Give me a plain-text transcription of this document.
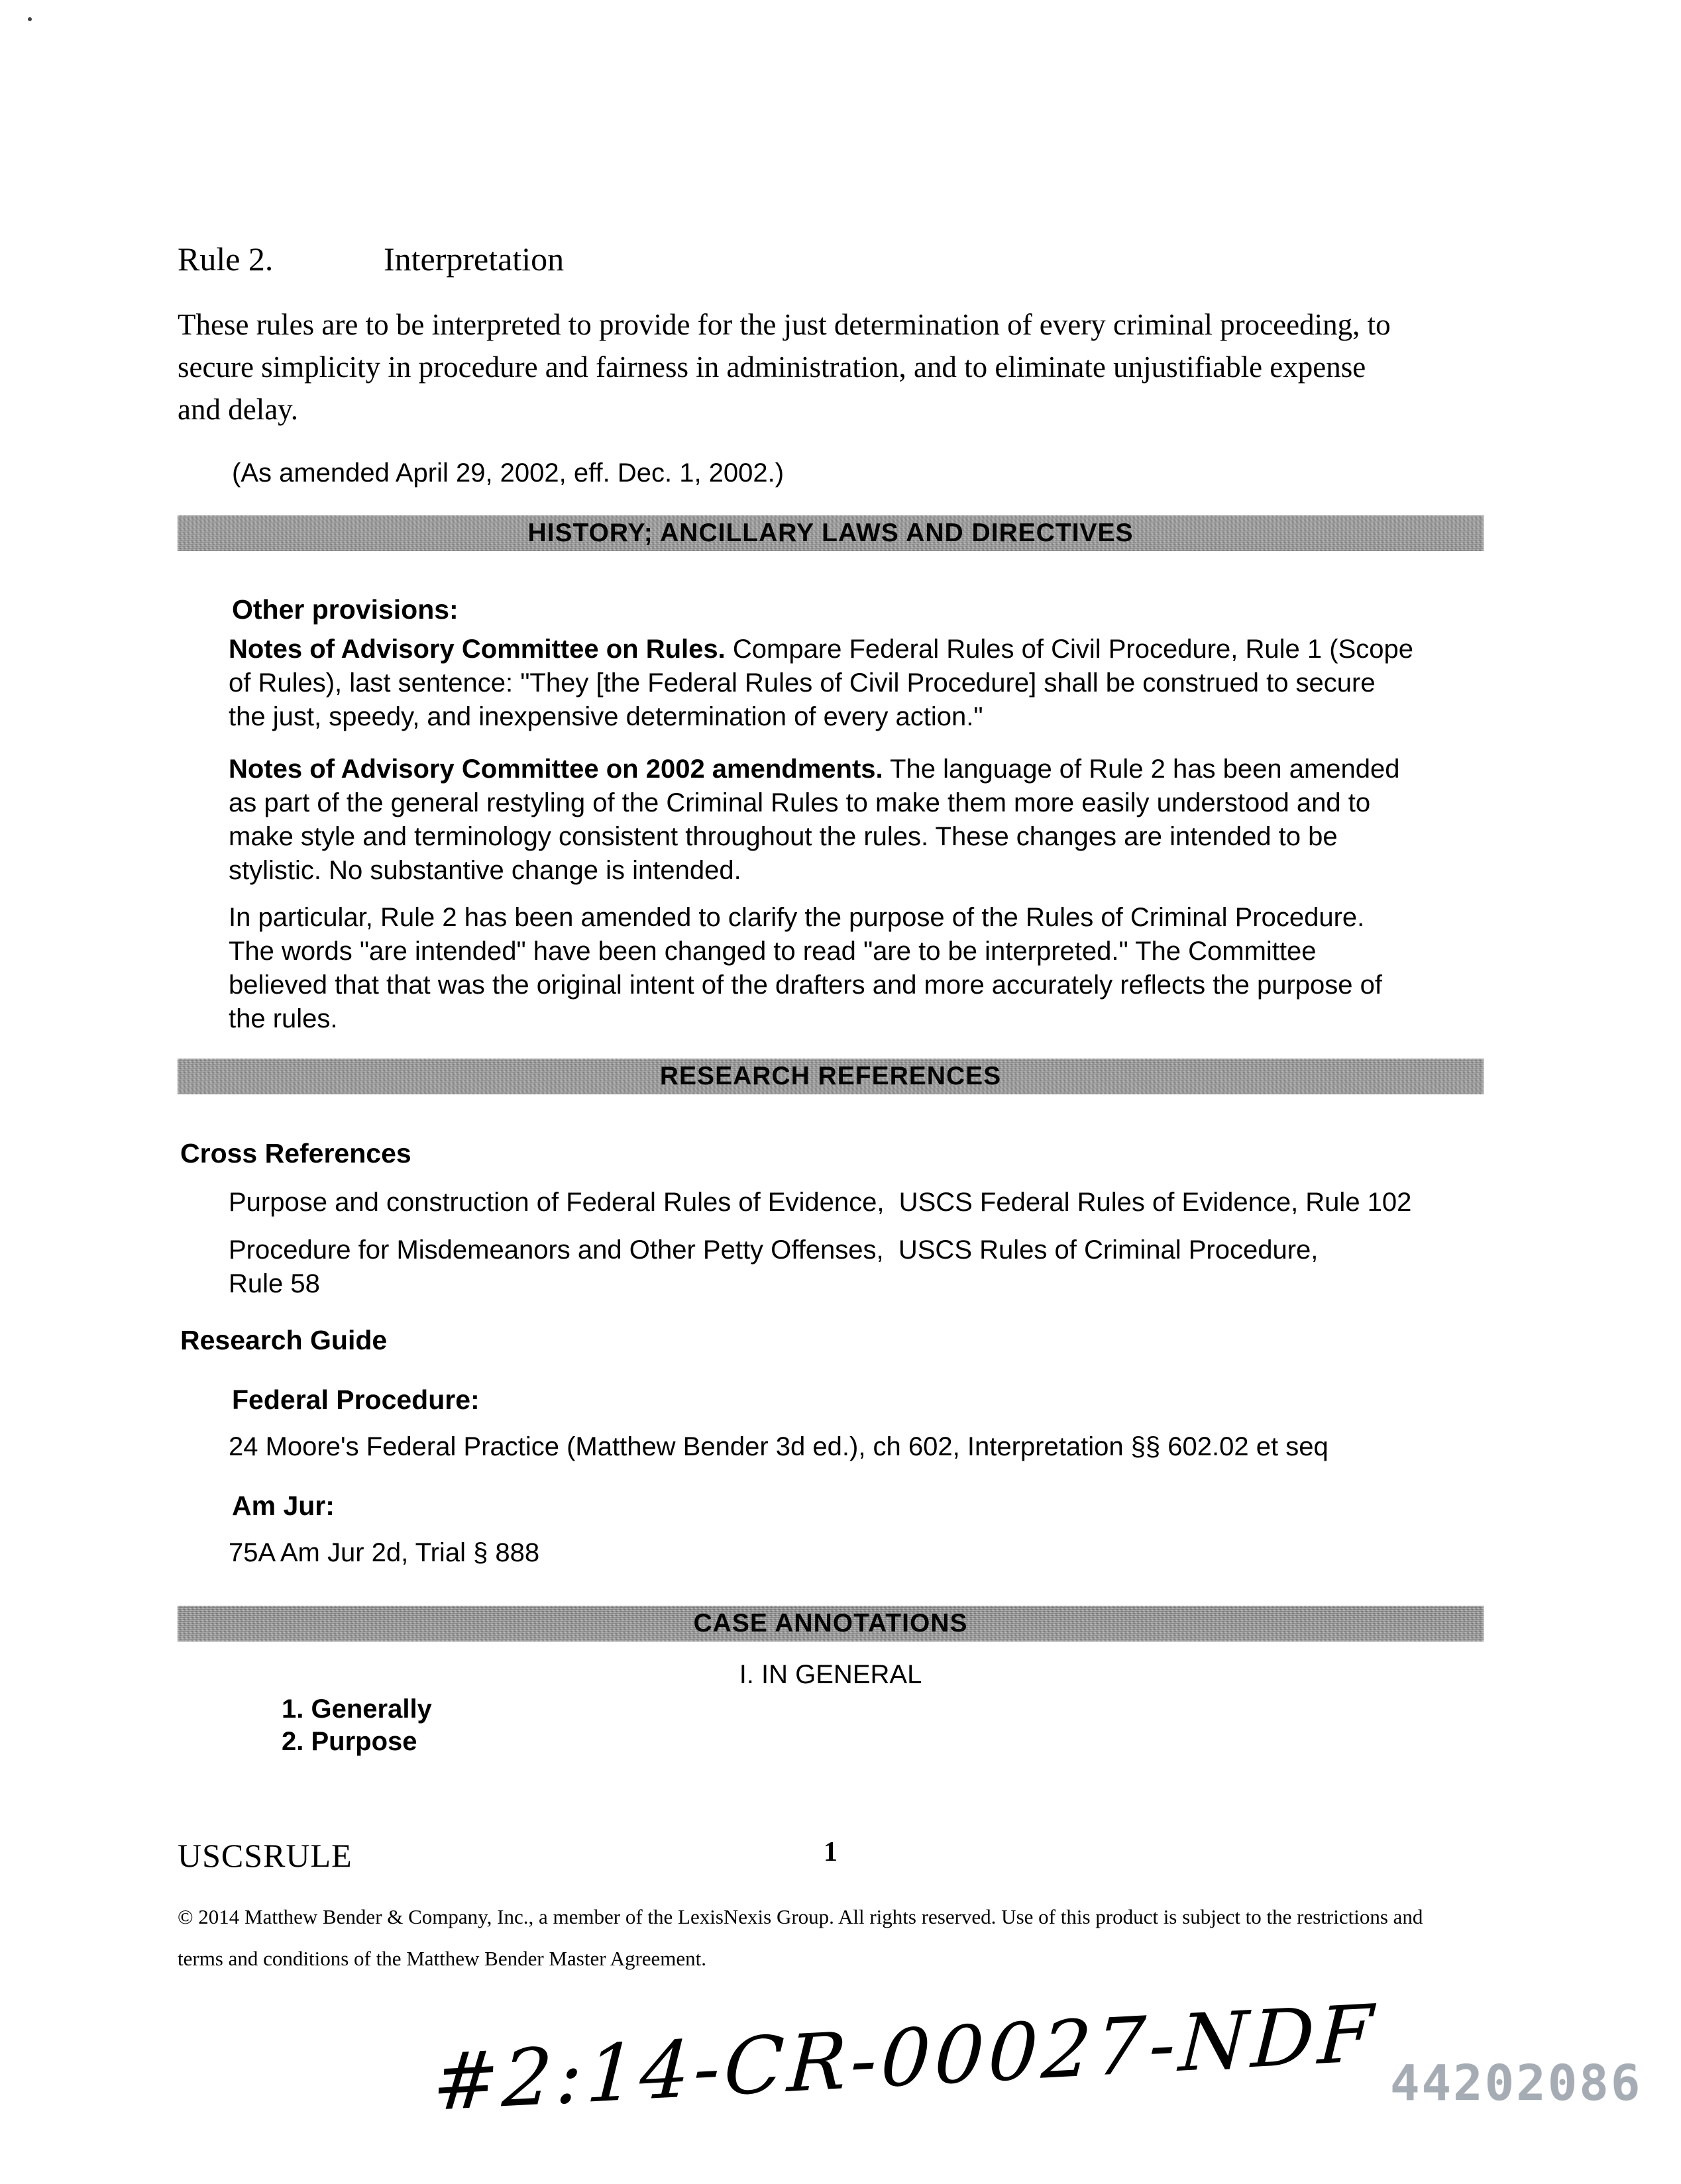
Rule 2.	Interpretation

These rules are to be interpreted to provide for the just determination of every criminal proceeding, to secure simplicity in procedure and fairness in administration, and to eliminate unjustifiable expense and delay.

(As amended April 29, 2002, eff. Dec. 1, 2002.)

HISTORY; ANCILLARY LAWS AND DIRECTIVES

Other provisions:

Notes of Advisory Committee on Rules. Compare Federal Rules of Civil Procedure, Rule 1 (Scope of Rules), last sentence: "They [the Federal Rules of Civil Procedure] shall be construed to secure the just, speedy, and inexpensive determination of every action."

Notes of Advisory Committee on 2002 amendments. The language of Rule 2 has been amended as part of the general restyling of the Criminal Rules to make them more easily understood and to make style and terminology consistent throughout the rules. These changes are intended to be stylistic. No substantive change is intended.

In particular, Rule 2 has been amended to clarify the purpose of the Rules of Criminal Procedure. The words "are intended" have been changed to read "are to be interpreted." The Committee believed that that was the original intent of the drafters and more accurately reflects the purpose of the rules.

RESEARCH REFERENCES

Cross References

Purpose and construction of Federal Rules of Evidence,  USCS Federal Rules of Evidence, Rule 102

Procedure for Misdemeanors and Other Petty Offenses,  USCS Rules of Criminal Procedure, Rule 58

Research Guide

Federal Procedure:

24 Moore's Federal Practice (Matthew Bender 3d ed.), ch 602, Interpretation §§ 602.02 et seq

Am Jur:

75A Am Jur 2d, Trial § 888

CASE ANNOTATIONS

I. IN GENERAL

1. Generally
2. Purpose

USCSRULE	1

© 2014 Matthew Bender & Company, Inc., a member of the LexisNexis Group. All rights reserved. Use of this product is subject to the restrictions and terms and conditions of the Matthew Bender Master Agreement.

#2:14-CR-00027-NDF 44202086
